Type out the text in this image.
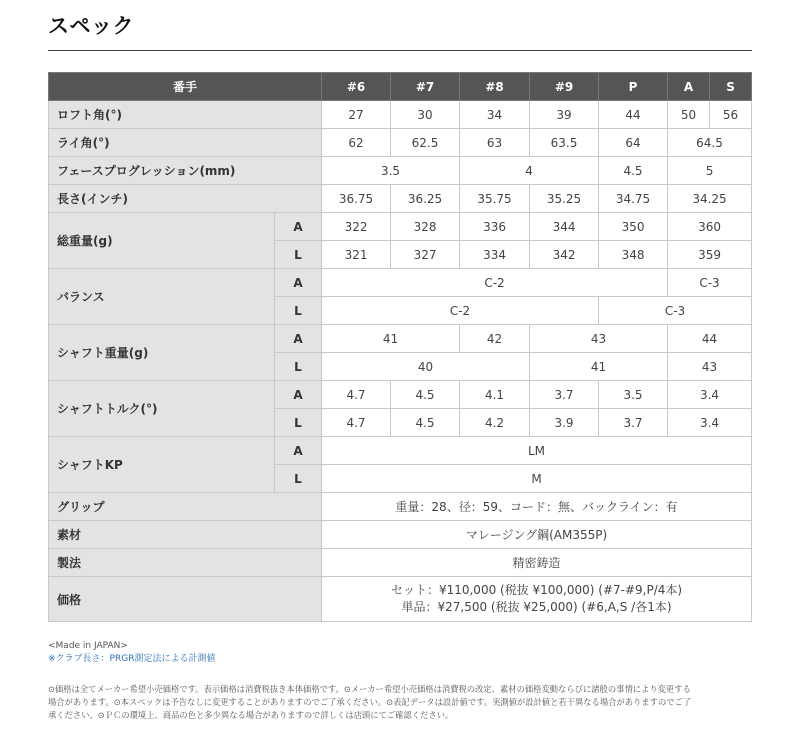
スペック
番手		#6	#7	#8	#9	P	A	S
ロフト角(°)		27	30	34	39	44	50	56
ライ角(°)		62	62.5	63	63.5	64	64.5	
フェースプログレッション(mm)		3.5		4		4.5	5	
長さ(インチ)		36.75	36.25	35.75	35.25	34.75	34.25	
総重量(g)	A	322	328	336	344	350	360	
	L	321	327	334	342	348	359	
バランス	A	C-2					C-3	
	L	C-2				C-3		
シャフト重量(g)	A	41		42	43		44	
	L	40			41		43	
シャフトトルク(°)	A	4.7	4.5	4.1	3.7	3.5	3.4	
	L	4.7	4.5	4.2	3.9	3.7	3.4	
シャフトKP	A	LM						
	L	M						
グリップ		重量：28、径：59、コード：無、バックライン：有						
素材		マレージング鋼(AM355P)						
製法		精密鋳造						
価格		セット：¥110,000 (税抜 ¥100,000) (#7-#9,P/4本)
単品：¥27,500 (税抜 ¥25,000) (#6,A,S /各1本)						
<Made in JAPAN>
※クラブ長さ：PRGR測定法による計測値
⊙価格は全てメーカー希望小売価格です。表示価格は消費税抜き本体価格です。⊙メーカー希望小売価格は消費税の改定、素材の価格変動ならびに諸般の事情により変更する
場合があります。⊙本スペックは予告なしに変更することがありますのでご了承ください。⊙表記データは設計値です。実測値が設計値と若干異なる場合がありますのでご了
承ください。⊙ＰＣの環境上、商品の色と多少異なる場合がありますので詳しくは店頭にてご確認ください。
